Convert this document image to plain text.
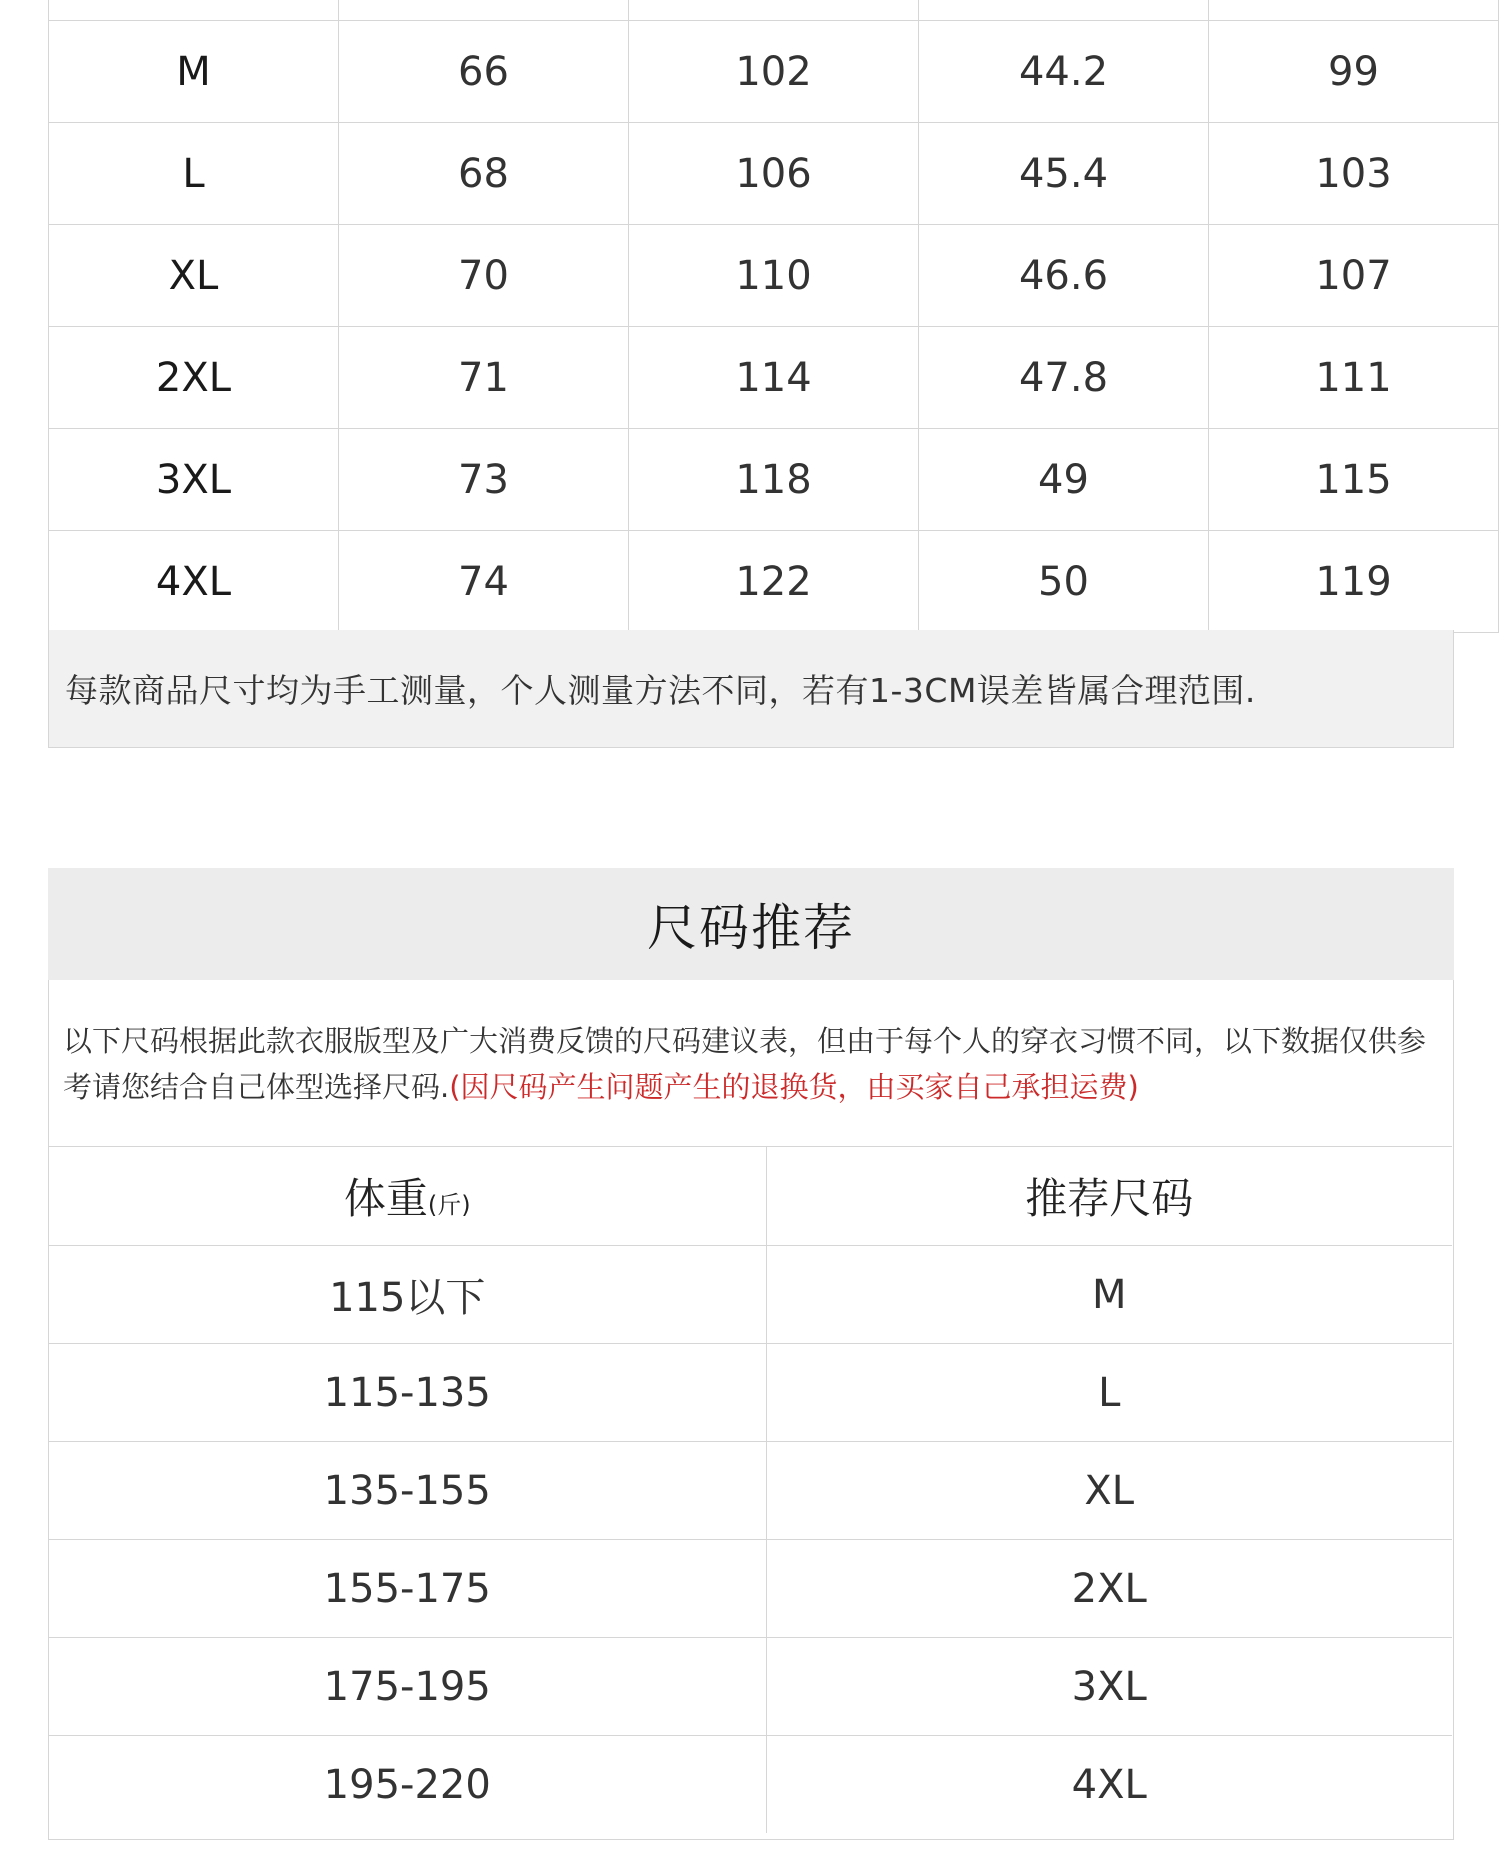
M	66	102	44.2	99
L	68	106	45.4	103
XL	70	110	46.6	107
2XL	71	114	47.8	111
3XL	73	118	49	115
4XL	74	122	50	119
每款商品尺寸均为手工测量，个人测量方法不同，若有1-3CM误差皆属合理范围.
尺码推荐
以下尺码根据此款衣服版型及广大消费反馈的尺码建议表，但由于每个人的穿衣习惯不同，以下数据仅供参考请您结合自己体型选择尺码.(因尺码产生问题产生的退换货，由买家自己承担运费)
体重(斤)	推荐尺码
115以下	M
115-135	L
135-155	XL
155-175	2XL
175-195	3XL
195-220	4XL
